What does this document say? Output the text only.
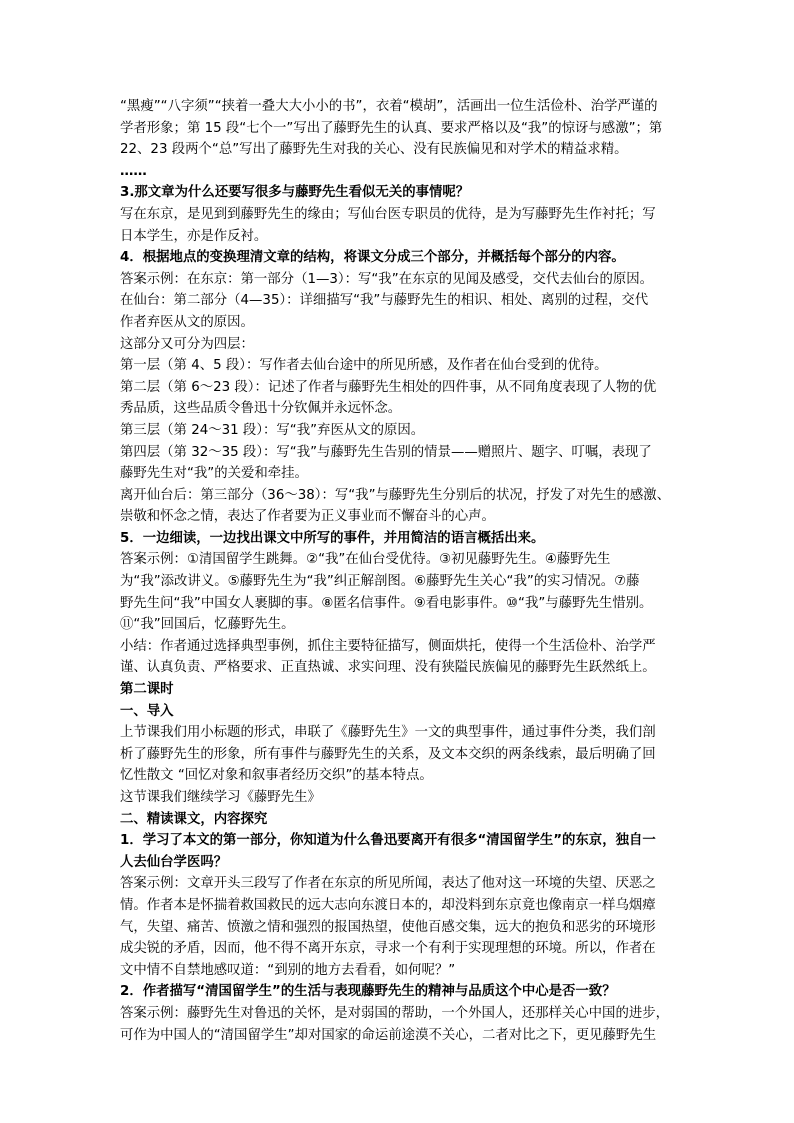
“黑瘦”“八字须”“挟着一叠大大小小的书”，衣着“模胡”，活画出一位生活俭朴、治学严谨的
学者形象；第 15 段“七个一”写出了藤野先生的认真、要求严格以及“我”的惊讶与感激”；第
22、23 段两个“总”写出了藤野先生对我的关心、没有民族偏见和对学术的精益求精。
……
3.那文章为什么还要写很多与藤野先生看似无关的事情呢？
写在东京，是见到到藤野先生的缘由；写仙台医专职员的优待，是为写藤野先生作衬托；写
日本学生，亦是作反衬。
4．根据地点的变换理清文章的结构，将课文分成三个部分，并概括每个部分的内容。
答案示例：在东京：第一部分（1—3）：写“我”在东京的见闻及感受，交代去仙台的原因。
在仙台：第二部分（4—35）：详细描写“我”与藤野先生的相识、相处、离别的过程，交代
作者弃医从文的原因。
这部分又可分为四层：
第一层（第 4、5 段）：写作者去仙台途中的所见所感，及作者在仙台受到的优待。
第二层（第 6～23 段）：记述了作者与藤野先生相处的四件事，从不同角度表现了人物的优
秀品质，这些品质令鲁迅十分钦佩并永远怀念。
第三层（第 24～31 段）：写“我”弃医从文的原因。
第四层（第 32～35 段）：写“我”与藤野先生告别的情景——赠照片、题字、叮嘱，表现了
藤野先生对“我”的关爱和牵挂。
离开仙台后：第三部分（36～38）：写“我”与藤野先生分别后的状况，抒发了对先生的感激、
崇敬和怀念之情，表达了作者要为正义事业而不懈奋斗的心声。
5．一边细读，一边找出课文中所写的事件，并用简洁的语言概括出来。
答案示例：①清国留学生跳舞。②“我”在仙台受优待。③初见藤野先生。④藤野先生
为“我”添改讲义。⑤藤野先生为“我”纠正解剖图。⑥藤野先生关心“我”的实习情况。⑦藤
野先生问“我”中国女人裹脚的事。⑧匿名信事件。⑨看电影事件。⑩“我”与藤野先生惜别。
⑪“我”回国后，忆藤野先生。
小结：作者通过选择典型事例，抓住主要特征描写，侧面烘托，使得一个生活俭朴、治学严
谨、认真负责、严格要求、正直热诚、求实问理、没有狭隘民族偏见的藤野先生跃然纸上。
第二课时
一、导入
上节课我们用小标题的形式，串联了《藤野先生》一文的典型事件，通过事件分类，我们剖
析了藤野先生的形象，所有事件与藤野先生的关系，及文本交织的两条线索，最后明确了回
忆性散文 “回忆对象和叙事者经历交织”的基本特点。
这节课我们继续学习《藤野先生》
二、精读课文，内容探究
1．学习了本文的第一部分，你知道为什么鲁迅要离开有很多“清国留学生”的东京，独自一
人去仙台学医吗？
答案示例：文章开头三段写了作者在东京的所见所闻，表达了他对这一环境的失望、厌恶之
情。作者本是怀揣着救国救民的远大志向东渡日本的，却没料到东京竟也像南京一样乌烟瘴
气，失望、痛苦、愤激之情和强烈的报国热望，使他百感交集，远大的抱负和恶劣的环境形
成尖锐的矛盾，因而，他不得不离开东京，寻求一个有利于实现理想的环境。所以，作者在
文中情不自禁地感叹道：“到别的地方去看看，如何呢？”
2．作者描写“清国留学生”的生活与表现藤野先生的精神与品质这个中心是否一致？
答案示例：藤野先生对鲁迅的关怀，是对弱国的帮助，一个外国人，还那样关心中国的进步，
可作为中国人的“清国留学生”却对国家的命运前途漠不关心，二者对比之下，更见藤野先生
